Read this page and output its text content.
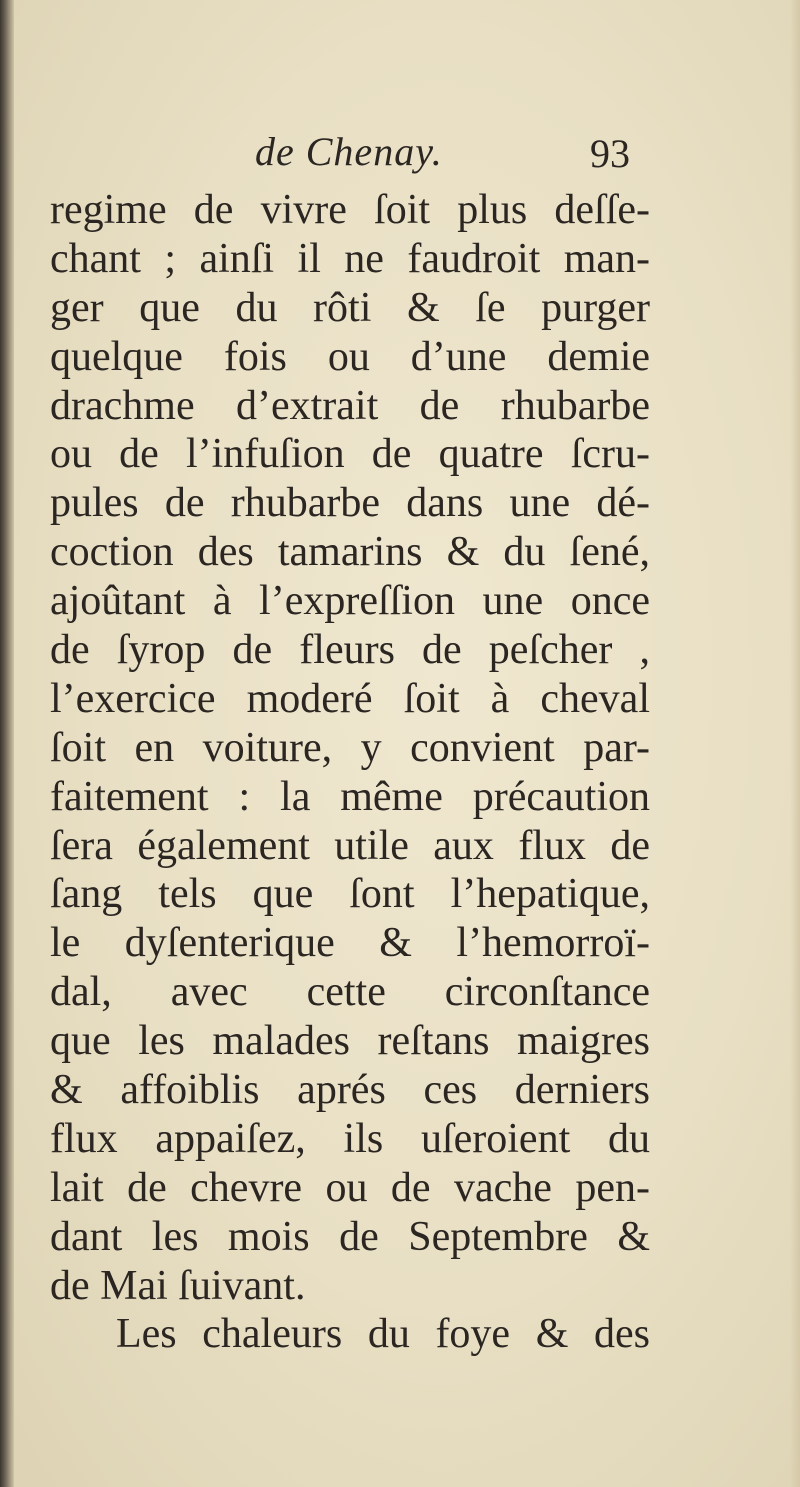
de Chenay.	93
regime de vivre ſoit plus deſſe-
chant ; ainſi il ne faudroit man-
ger que du rôti & ſe purger
quelque fois ou d’une demie
drachme d’extrait de rhubarbe
ou de l’infuſion de quatre ſcru-
pules de rhubarbe dans une dé-
coction des tamarins & du ſené,
ajoûtant à l’expreſſion une once
de ſyrop de fleurs de peſcher ,
l’exercice moderé ſoit à cheval
ſoit en voiture, y convient par-
faitement : la même précaution
ſera également utile aux flux de
ſang tels que ſont l’hepatique,
le dyſenterique & l’hemorroï-
dal, avec cette circonſtance
que les malades reſtans maigres
& affoiblis aprés ces derniers
flux appaiſez, ils uſeroient du
lait de chevre ou de vache pen-
dant les mois de Septembre &
de Mai ſuivant.
Les chaleurs du foye & des
